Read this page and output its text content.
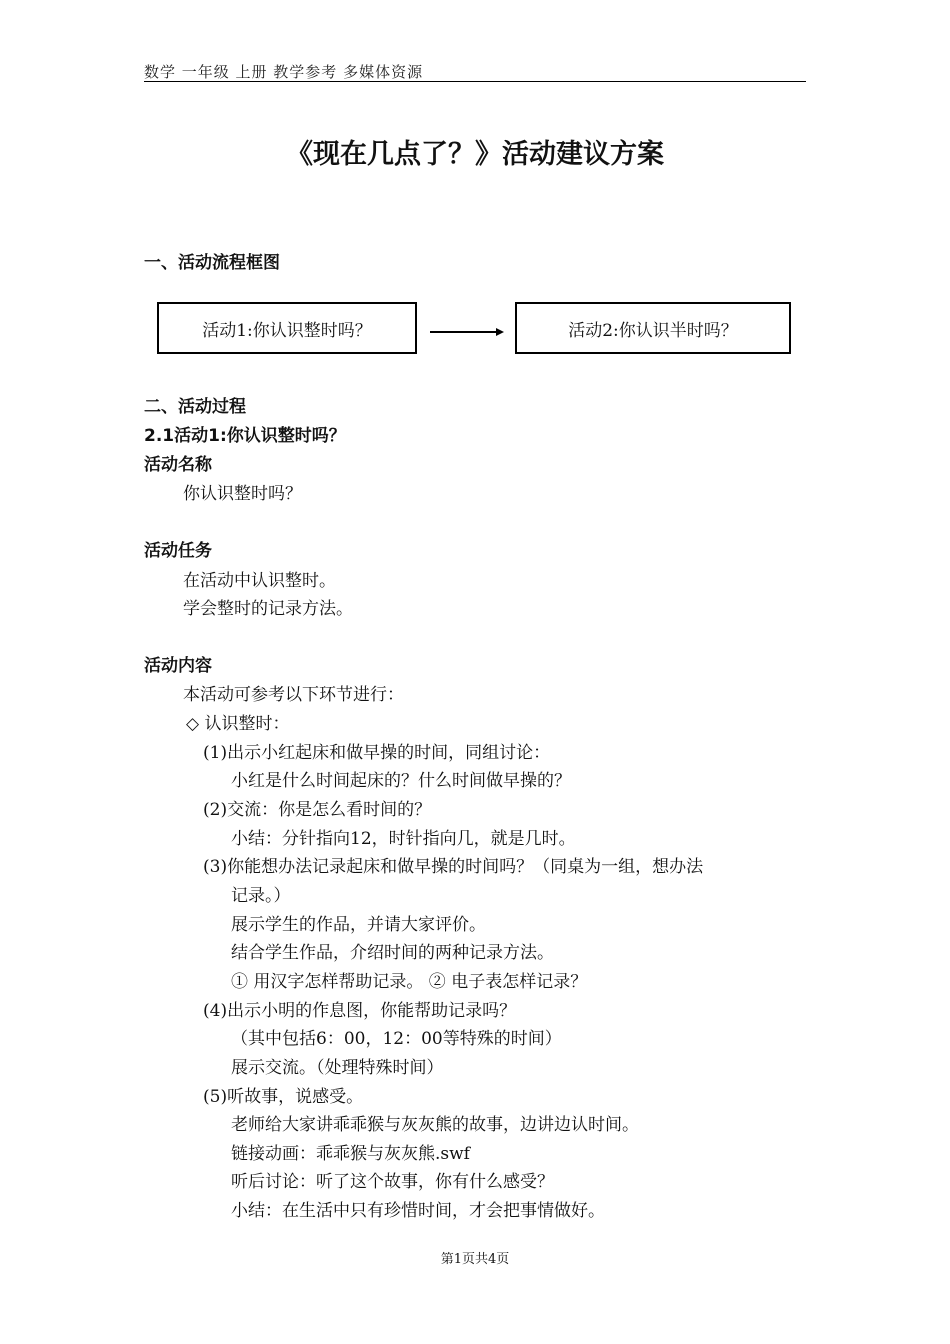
数学 一年级 上册 教学参考 多媒体资源
《现在几点了？》活动建议方案
一、活动流程框图
活动1:你认识整时吗？	活动2:你认识半时吗？
二、活动过程
2.1活动1:你认识整时吗？
活动名称
你认识整时吗？
活动任务
在活动中认识整时。
学会整时的记录方法。
活动内容
本活动可参考以下环节进行：
◇ 认识整时：
(1)出示小红起床和做早操的时间，同组讨论：
小红是什么时间起床的？什么时间做早操的？
(2)交流：你是怎么看时间的？
小结：分针指向12，时针指向几，就是几时。
(3)你能想办法记录起床和做早操的时间吗？（同桌为一组，想办法
记录。）
展示学生的作品，并请大家评价。
结合学生作品，介绍时间的两种记录方法。
① 用汉字怎样帮助记录。 ② 电子表怎样记录？
(4)出示小明的作息图，你能帮助记录吗？
（其中包括6：00，12：00等特殊的时间）
展示交流。（处理特殊时间）
(5)听故事，说感受。
老师给大家讲乖乖猴与灰灰熊的故事，边讲边认时间。
链接动画：乖乖猴与灰灰熊.swf
听后讨论：听了这个故事，你有什么感受？
小结：在生活中只有珍惜时间，才会把事情做好。
第1页共4页
